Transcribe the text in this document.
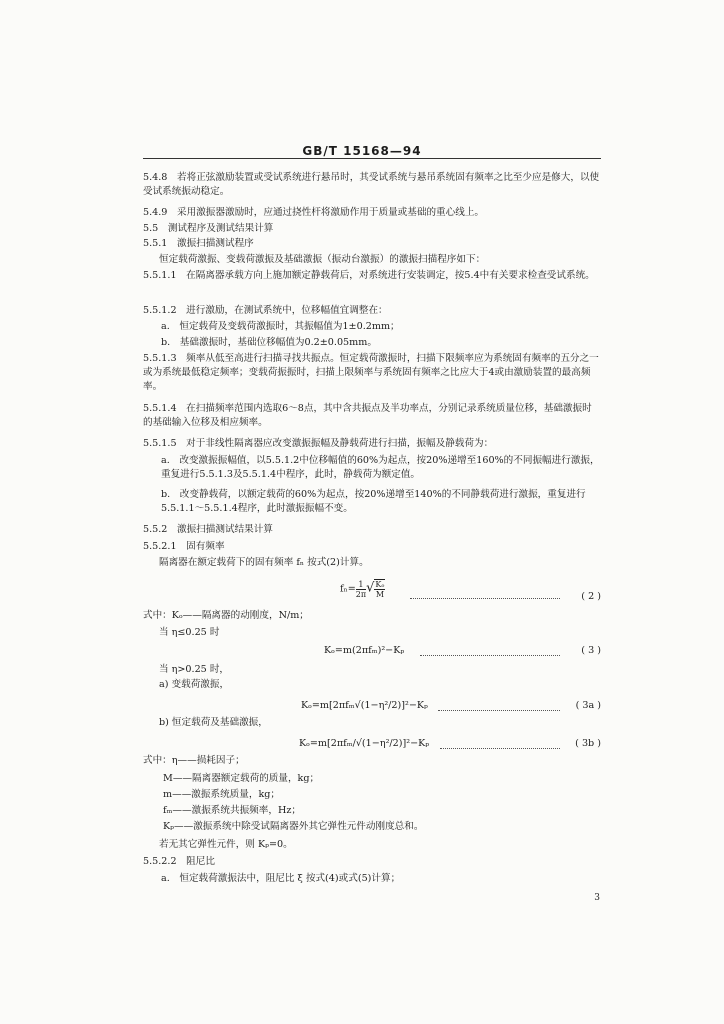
GB/T 15168—94
5.4.8　若将正弦激励装置或受试系统进行悬吊时，其受试系统与悬吊系统固有频率之比至少应是修大，以使受试系统振动稳定。
5.4.9　采用激振器激励时，应通过挠性杆将激励作用于质量或基础的重心线上。
5.5　测试程序及测试结果计算
5.5.1　激振扫描测试程序
恒定载荷激振、变载荷激振及基础激振（振动台激振）的激振扫描程序如下：
5.5.1.1　在隔离器承载方向上施加额定静载荷后，对系统进行安装调定，按5.4中有关要求检查受试系统。
5.5.1.2　进行激励，在测试系统中，位移幅值宜调整在：
a.　恒定载荷及变载荷激振时，其振幅值为1±0.2mm；
b.　基础激振时，基础位移幅值为0.2±0.05mm。
5.5.1.3　频率从低至高进行扫描寻找共振点。恒定载荷激振时，扫描下限频率应为系统固有频率的五分之一或为系统最低稳定频率；变载荷振振时，扫描上限频率与系统固有频率之比应大于4或由激励装置的最高频率。
5.5.1.4　在扫描频率范围内选取6～8点，其中含共振点及半功率点，分别记录系统质量位移，基础激振时的基础输入位移及相应频率。
5.5.1.5　对于非线性隔离器应改变激振振幅及静载荷进行扫描，振幅及静载荷为：
a.　改变激振振幅值，以5.5.1.2中位移幅值的60%为起点，按20%递增至160%的不同振幅进行激振，重复进行5.5.1.3及5.5.1.4中程序，此时，静载荷为额定值。
b.　改变静载荷，以额定载荷的60%为起点，按20%递增至140%的不同静载荷进行激振，重复进行5.5.1.1～5.5.1.4程序，此时激振振幅不变。
5.5.2　激振扫描测试结果计算
5.5.2.1　固有频率
隔离器在额定载荷下的固有频率 fₙ 按式(2)计算。
$f_n= \frac{1}{2\pi}$ √ $\frac{\text{Kₒ}}{M}$	( 2 )
式中：Kₒ——隔离器的动刚度，N/m；
当 η≤0.25 时
Kₒ=m(2πfₘ)²−Kₚ	( 3 )
当 η>0.25 时，
a) 变载荷激振，
Kₒ=m[2πfₘ√(1−η²/2)]²−Kₚ	( 3a )
b) 恒定载荷及基础激振，
Kₒ=m[2πfₘ/√(1−η²/2)]²−Kₚ	( 3b )
式中：η——损耗因子；
M——隔离器额定载荷的质量，kg；
m——激振系统质量，kg；
fₘ——激振系统共振频率，Hz；
Kₚ——激振系统中除受试隔离器外其它弹性元件动刚度总和。
若无其它弹性元件，则 Kₚ=0。
5.5.2.2　阻尼比
a.　恒定载荷激振法中，阻尼比 ξ 按式(4)或式(5)计算；
3
